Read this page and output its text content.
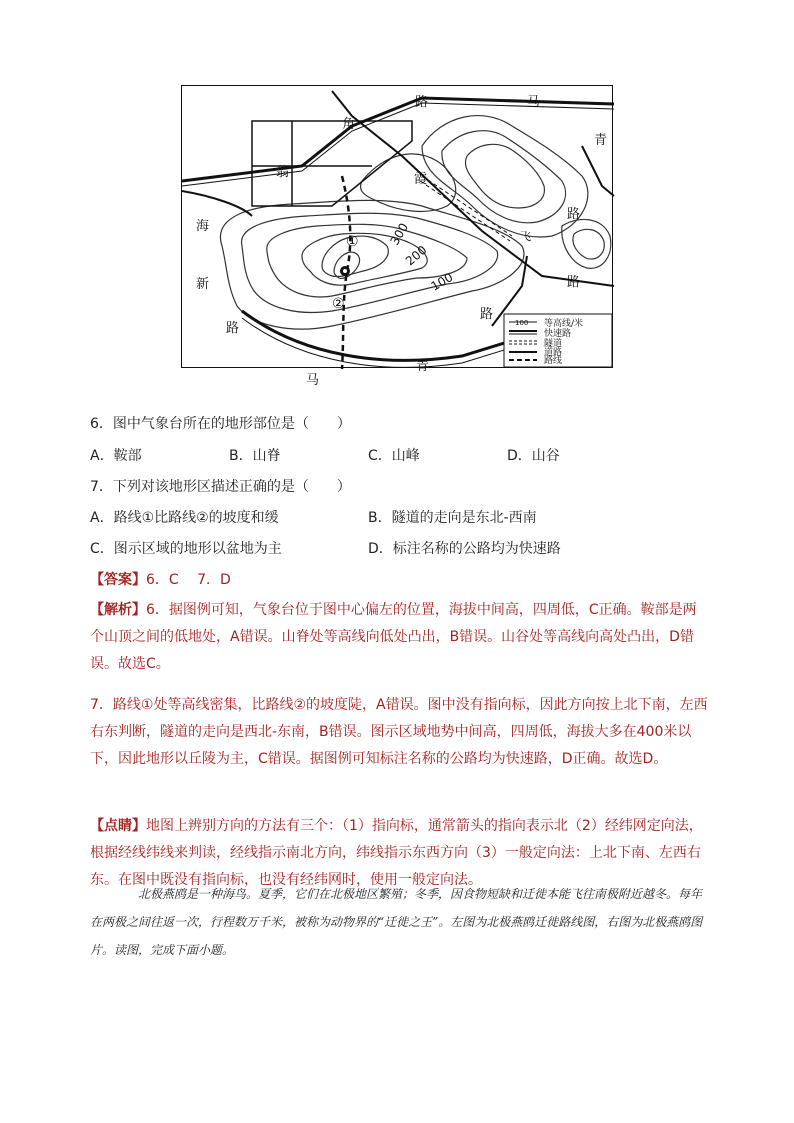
①
②
300
200
100
路	马
青
角
翁	霞
海
路
飞
路
新
路
路
青
马
100 等高线/米
快速路
隧道
道路
路线
6．图中气象台所在的地形部位是（　　）
A．鞍部	B．山脊	C．山峰	D．山谷
7．下列对该地形区描述正确的是（　　）
A．路线①比路线②的坡度和缓	B．隧道的走向是东北-西南
C．图示区域的地形以盆地为主	D．标注名称的公路均为快速路
【答案】6．C　 7．D
【解析】6．据图例可知，气象台位于图中心偏左的位置，海拔中间高，四周低，C正确。鞍部是两个山顶之间的低地处，A错误。山脊处等高线向低处凸出，B错误。山谷处等高线向高处凸出，D错误。故选C。
7．路线①处等高线密集，比路线②的坡度陡，A错误。图中没有指向标，因此方向按上北下南，左西右东判断，隧道的走向是西北-东南，B错误。图示区域地势中间高，四周低，海拔大多在400米以下，因此地形以丘陵为主，C错误。据图例可知标注名称的公路均为快速路，D正确。故选D。
【点睛】地图上辨别方向的方法有三个：（1）指向标，通常箭头的指向表示北（2）经纬网定向法，根据经线纬线来判读，经线指示南北方向，纬线指示东西方向（3）一般定向法：上北下南、左西右东。在图中既没有指向标，也没有经纬网时，使用一般定向法。
北极燕鸥是一种海鸟。夏季，它们在北极地区繁殖；冬季，因食物短缺和迁徙本能飞往南极附近越冬。每年在两极之间往返一次，行程数万千米，被称为动物界的“迁徙之王”。左图为北极燕鸥迁徙路线图，右图为北极燕鸥图片。读图，完成下面小题。
